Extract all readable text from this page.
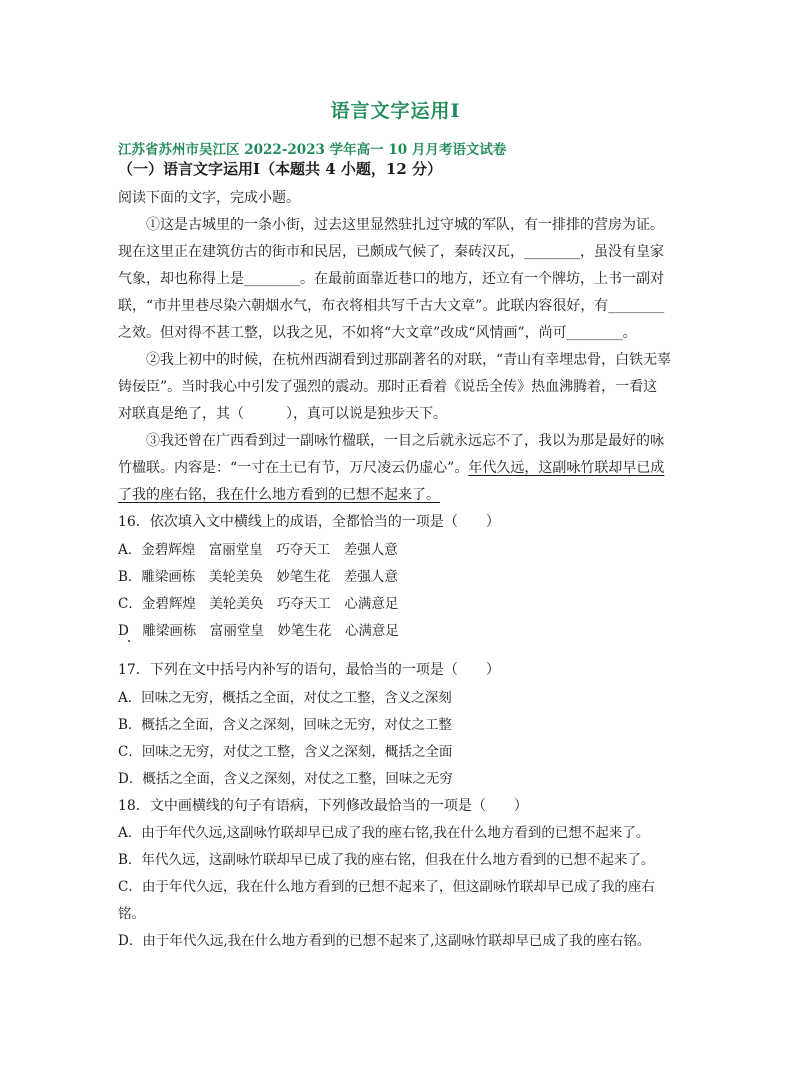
语言文字运用Ⅰ
江苏省苏州市吴江区 2022-2023 学年高一 10 月月考语文试卷
（一）语言文字运用Ⅰ（本题共 4 小题，12 分）
阅读下面的文字，完成小题。
①这是古城里的一条小街，过去这里显然驻扎过守城的军队，有一排排的营房为证。
现在这里正在建筑仿古的街市和民居，已颇成气候了，秦砖汉瓦，________，虽没有皇家
气象，却也称得上是________。在最前面靠近巷口的地方，还立有一个牌坊，上书一副对
联，“市井里巷尽染六朝烟水气，布衣将相共写千古大文章”。此联内容很好，有________
之效。但对得不甚工整，以我之见，不如将“大文章”改成“风情画”，尚可________。
②我上初中的时候，在杭州西湖看到过那副著名的对联，“青山有幸埋忠骨，白铁无辜
铸佞臣”。当时我心中引发了强烈的震动。那时正看着《说岳全传》热血沸腾着，一看这
对联真是绝了，其（　　　），真可以说是独步天下。
③我还曾在广西看到过一副咏竹楹联，一目之后就永远忘不了，我以为那是最好的咏
竹楹联。内容是：“一寸在土已有节，万尺凌云仍虚心”。年代久远，这副咏竹联却早已成
了我的座右铭，我在什么地方看到的已想不起来了。
16．依次填入文中横线上的成语，全都恰当的一项是（　　）
A．金碧辉煌　富丽堂皇　巧夺天工　差强人意
B．雕梁画栋　美轮美奂　妙笔生花　差强人意
C．金碧辉煌　美轮美奂　巧夺天工　心满意足
D　雕梁画栋　富丽堂皇　妙笔生花　心满意足
17．下列在文中括号内补写的语句，最恰当的一项是（　　）
A．回味之无穷，概括之全面，对仗之工整，含义之深刻
B．概括之全面，含义之深刻，回味之无穷，对仗之工整
C．回味之无穷，对仗之工整，含义之深刻，概括之全面
D．概括之全面，含义之深刻，对仗之工整，回味之无穷
18．文中画横线的句子有语病，下列修改最恰当的一项是（　　）
A．由于年代久远,这副咏竹联却早已成了我的座右铭,我在什么地方看到的已想不起来了。
B．年代久远，这副咏竹联却早已成了我的座右铭，但我在什么地方看到的已想不起来了。
C．由于年代久远，我在什么地方看到的已想不起来了，但这副咏竹联却早已成了我的座右
铭。
D．由于年代久远,我在什么地方看到的已想不起来了,这副咏竹联却早已成了我的座右铭。
